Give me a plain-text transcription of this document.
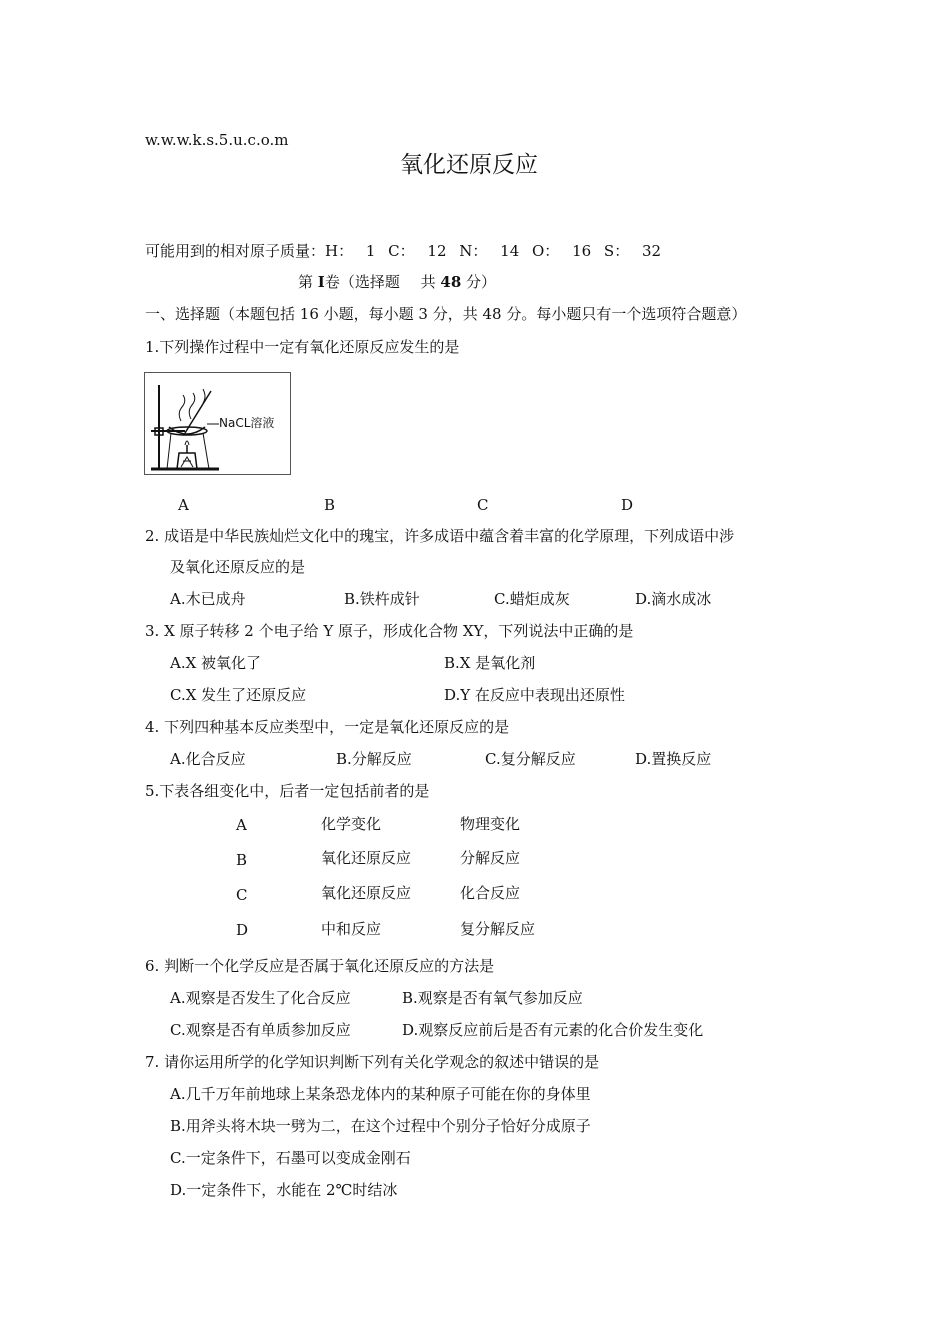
w.w.w.k.s.5.u.c.o.m
氧化还原反应
可能用到的相对原子质量：H： 1 C： 12 N： 14 O： 16 S： 32
第 I卷（选择题 共 48 分）
一、选择题（本题包括 16 小题，每小题 3 分，共 48 分。每小题只有一个选项符合题意）
1.下列操作过程中一定有氧化还原反应发生的是
NaCL溶液
A	B	C	D
2. 成语是中华民族灿烂文化中的瑰宝，许多成语中蕴含着丰富的化学原理，下列成语中涉
及氧化还原反应的是
A.木已成舟	B.铁杵成针	C.蜡炬成灰	D.滴水成冰
3. X 原子转移 2 个电子给 Y 原子，形成化合物 XY，下列说法中正确的是
A.X 被氧化了	B.X 是氧化剂
C.X 发生了还原反应	D.Y 在反应中表现出还原性
4. 下列四种基本反应类型中，一定是氧化还原反应的是
A.化合反应	B.分解反应	C.复分解反应	D.置换反应
5.下表各组变化中，后者一定包括前者的是
A	化学变化	物理变化
B	氧化还原反应	分解反应
C	氧化还原反应	化合反应
D	中和反应	复分解反应
6. 判断一个化学反应是否属于氧化还原反应的方法是
A.观察是否发生了化合反应	B.观察是否有氧气参加反应
C.观察是否有单质参加反应	D.观察反应前后是否有元素的化合价发生变化
7. 请你运用所学的化学知识判断下列有关化学观念的叙述中错误的是
A.几千万年前地球上某条恐龙体内的某种原子可能在你的身体里
B.用斧头将木块一劈为二，在这个过程中个别分子恰好分成原子
C.一定条件下，石墨可以变成金刚石
D.一定条件下，水能在 2℃时结冰
